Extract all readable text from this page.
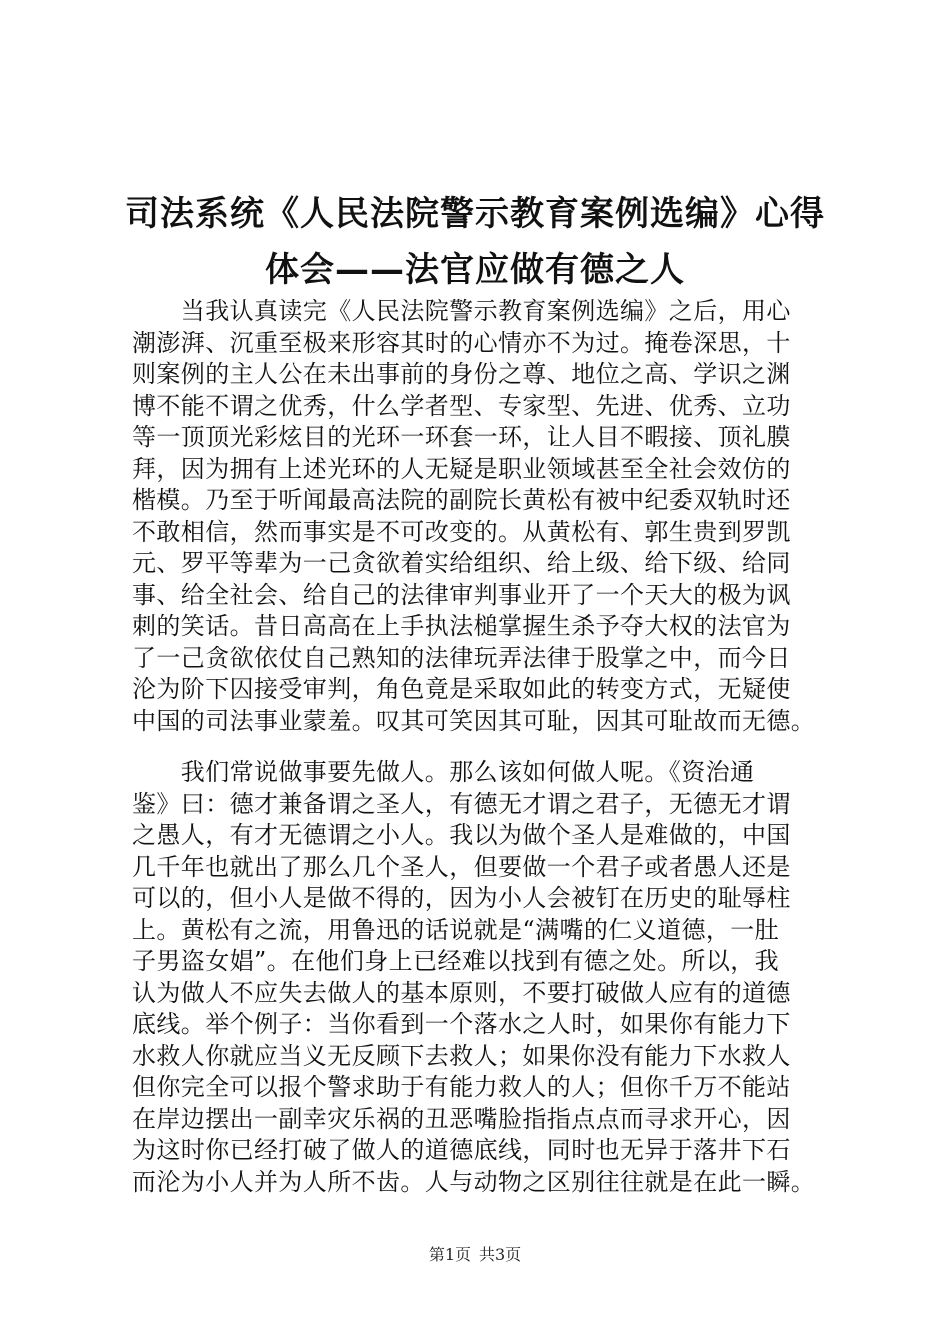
司法系统《人民法院警示教育案例选编》心得
体会——法官应做有德之人
　　当我认真读完《人民法院警示教育案例选编》之后，用心
潮澎湃、沉重至极来形容其时的心情亦不为过。掩卷深思，十
则案例的主人公在未出事前的身份之尊、地位之高、学识之渊
博不能不谓之优秀，什么学者型、专家型、先进、优秀、立功
等一顶顶光彩炫目的光环一环套一环，让人目不暇接、顶礼膜
拜，因为拥有上述光环的人无疑是职业领域甚至全社会效仿的
楷模。乃至于听闻最高法院的副院长黄松有被中纪委双轨时还
不敢相信，然而事实是不可改变的。从黄松有、郭生贵到罗凯
元、罗平等辈为一己贪欲着实给组织、给上级、给下级、给同
事、给全社会、给自己的法律审判事业开了一个天大的极为讽
刺的笑话。昔日高高在上手执法槌掌握生杀予夺大权的法官为
了一己贪欲依仗自己熟知的法律玩弄法律于股掌之中，而今日
沦为阶下囚接受审判，角色竟是采取如此的转变方式，无疑使
中国的司法事业蒙羞。叹其可笑因其可耻，因其可耻故而无德。
　　我们常说做事要先做人。那么该如何做人呢。《资治通
鉴》曰：德才兼备谓之圣人，有德无才谓之君子，无德无才谓
之愚人，有才无德谓之小人。我以为做个圣人是难做的，中国
几千年也就出了那么几个圣人，但要做一个君子或者愚人还是
可以的，但小人是做不得的，因为小人会被钉在历史的耻辱柱
上。黄松有之流，用鲁迅的话说就是“满嘴的仁义道德，一肚
子男盗女娼”。在他们身上已经难以找到有德之处。所以，我
认为做人不应失去做人的基本原则，不要打破做人应有的道德
底线。举个例子：当你看到一个落水之人时，如果你有能力下
水救人你就应当义无反顾下去救人；如果你没有能力下水救人
但你完全可以报个警求助于有能力救人的人；但你千万不能站
在岸边摆出一副幸灾乐祸的丑恶嘴脸指指点点而寻求开心，因
为这时你已经打破了做人的道德底线，同时也无异于落井下石
而沦为小人并为人所不齿。人与动物之区别往往就是在此一瞬。
第1页 共3页
